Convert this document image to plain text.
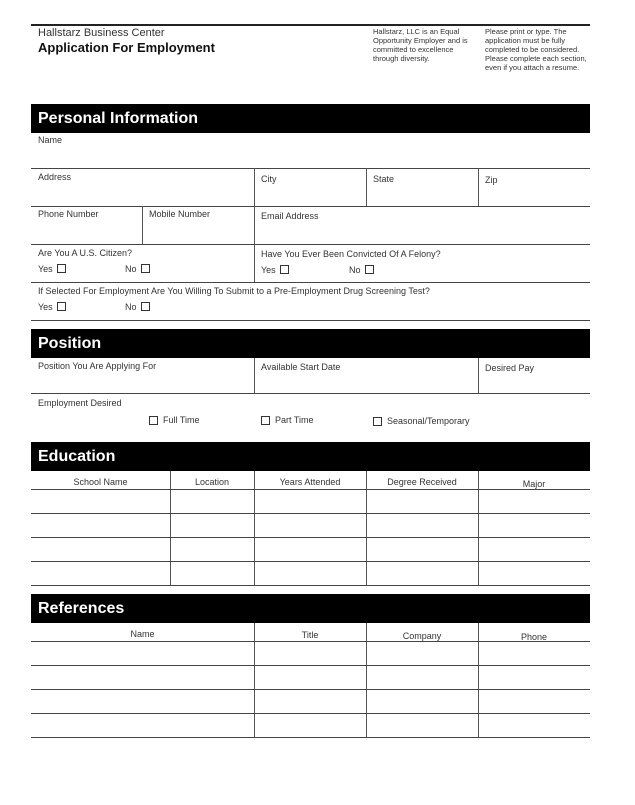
Hallstarz Business Center
Application For Employment
Hallstarz, LLC is an Equal Opportunity Employer and is committed to excellence through diversity.
Please print or type. The application must be fully completed to be considered. Please complete each section, even if you attach a resume.
Personal Information
Name
Address	City	State	Zip
Phone Number	Mobile Number	Email Address
Are You A U.S. Citizen?
Yes	No
Have You Ever Been Convicted Of A Felony?
Yes	No
If Selected For Employment Are You Willing To Submit to a Pre-Employment Drug Screening Test?
Yes	No
Position
Position You Are Applying For	Available Start Date	Desired Pay
Employment Desired
Full Time	Part Time	Seasonal/Temporary
Education
School Name	Location	Years Attended	Degree Received	Major
References
Name	Title	Company	Phone
